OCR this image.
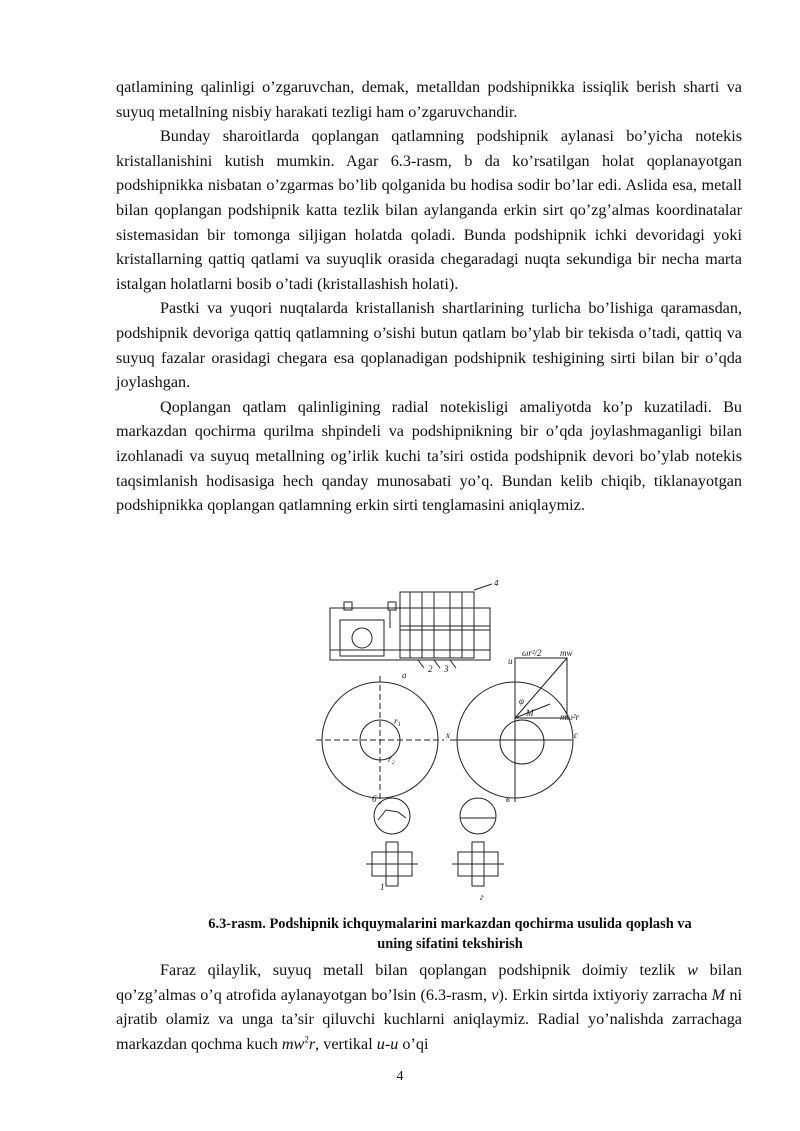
qatlamining qalinligi o’zgaruvchan, demak, metalldan podshipnikka issiqlik berish sharti va suyuq metallning nisbiy harakati tezligi ham o’zgaruvchandir.

Bunday sharoitlarda qoplangan qatlamning podshipnik aylanasi bo’yicha notekis kristallanishini kutish mumkin. Agar 6.3-rasm, b da ko’rsatilgan holat qoplanayotgan podshipnikka nisbatan o’zgarmas bo’lib qolganida bu hodisa sodir bo’lar edi. Aslida esa, metall bilan qoplangan podshipnik katta tezlik bilan aylanganda erkin sirt qo’zg’almas koordinatalar sistemasidan bir tomonga siljigan holatda qoladi. Bunda podshipnik ichki devoridagi yoki kristallarning qattiq qatlami va suyuqlik orasida chegaradagi nuqta sekundiga bir necha marta istalgan holatlarni bosib o’tadi (kristallashish holati).

Pastki va yuqori nuqtalarda kristallanish shartlarining turlicha bo’lishiga qaramasdan, podshipnik devoriga qattiq qatlamning o’sishi butun qatlam bo’ylab bir tekisda o’tadi, qattiq va suyuq fazalar orasidagi chegara esa qoplanadigan podshipnik teshigining sirti bilan bir o’qda joylashgan.

Qoplangan qatlam qalinligining radial notekisligi amaliyotda ko’p kuzatiladi. Bu markazdan qochirma qurilma shpindeli va podshipnikning bir o’qda joylashmaganligi bilan izohlanadi va suyuq metallning og’irlik kuchi ta’siri ostida podshipnik devori bo’ylab notekis taqsimlanish hodisasiga hech qanday munosabati yo’q. Bundan kelib chiqib, tiklanayotgan podshipnikka qoplangan qatlamning erkin sirti tenglamasini aniqlaymiz.

a
2 3
4
б	в
г
1
ωr²/2 mw
mω²r
u
φ
M
x	c
r₁
r₂
6.3-rasm. Podshipnik ichquymalarini markazdan qochirma usulida qoplash va
uning sifatini tekshirish

Faraz qilaylik, suyuq metall bilan qoplangan podshipnik doimiy tezlik w bilan qo’zg’almas o’q atrofida aylanayotgan bo’lsin (6.3-rasm, v). Erkin sirtda ixtiyoriy zarracha M ni ajratib olamiz va unga ta’sir qiluvchi kuchlarni aniqlaymiz. Radial yo’nalishda zarrachaga markazdan qochma kuch $mw^2r$, vertikal u-u o’qi

4
